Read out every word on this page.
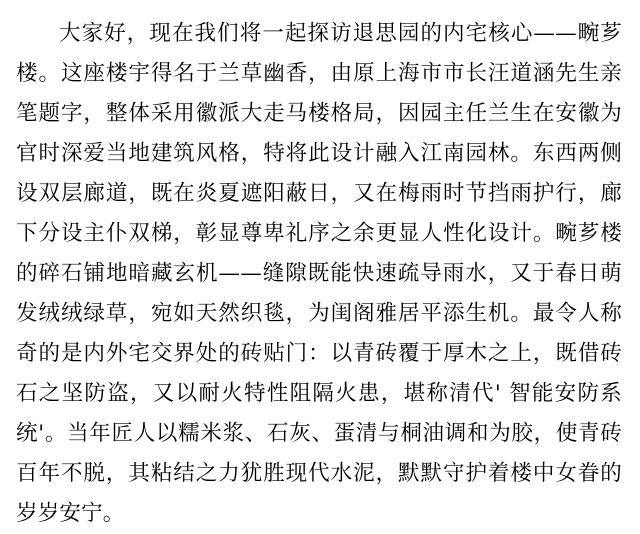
大家好，现在我们将一起探访退思园的内宅核心——畹芗楼。这座楼宇得名于兰草幽香，由原上海市市长汪道涵先生亲笔题字，整体采用徽派大走马楼格局，因园主任兰生在安徽为官时深爱当地建筑风格，特将此设计融入江南园林。东西两侧设双层廊道，既在炎夏遮阳蔽日，又在梅雨时节挡雨护行，廊下分设主仆双梯，彰显尊卑礼序之余更显人性化设计。畹芗楼的碎石铺地暗藏玄机——缝隙既能快速疏导雨水，又于春日萌发绒绒绿草，宛如天然织毯，为闺阁雅居平添生机。最令人称奇的是内外宅交界处的砖贴门：以青砖覆于厚木之上，既借砖石之坚防盗，又以耐火特性阻隔火患，堪称清代' 智能安防系统'。当年匠人以糯米浆、石灰、蛋清与桐油调和为胶，使青砖百年不脱，其粘结之力犹胜现代水泥，默默守护着楼中女眷的岁岁安宁。
